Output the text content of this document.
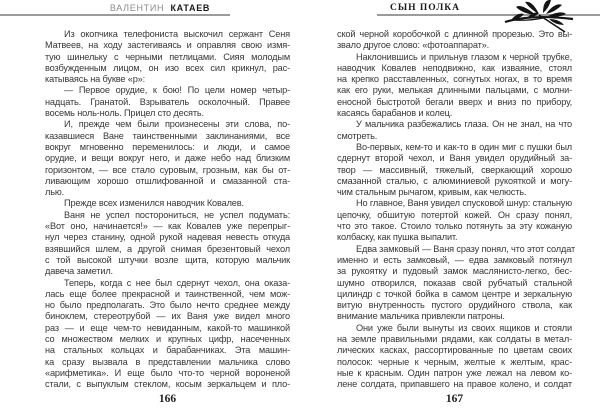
ВАЛЕНТИН КАТАЕВ	СЫН ПОЛКА
Из окопчика телефониста выскочил сержант Сеня
Матвеев, на ходу застегиваясь и оправляя свою измя-
тую шинельку с черными петлицами. Сияя молодым
возбужденным лицом, он изо всех сил крикнул, рас-
катываясь на букве «р»:
— Первое орудие, к бою! По цели номер четыр-
надцать. Гранатой. Взрыватель осколочный. Правее
восемь ноль-ноль. Прицел сто десять.
И, прежде чем были произнесены эти слова, по-
казавшиеся Ване таинственными заклинаниями, все
вокруг мгновенно переменилось: и люди, и самое
орудие, и вещи вокруг него, и даже небо над близким
горизонтом, — все стало суровым, грозным, как бы от-
ливающим хорошо отшлифованной и смазанной ста-
лью.
Прежде всех изменился наводчик Ковалев.
Ваня не успел посторониться, не успел подумать:
«Вот оно, начинается!» — как Ковалев уже перепрыг-
нул через станину, одной рукой надевая невесть откуда
взявшийся шлем, а другой снимая брезентовый чехол
с той высокой штучки возле щита, которую мальчик
давеча заметил.
Теперь, когда с нее был сдернут чехол, она оказа-
лась еще более прекрасной и таинственной, чем мож-
но было предполагать. Это было нечто среднее между
биноклем, стереотрубой — их Ваня уже видел много
раз — и еще чем-то невиданным, какой-то машинкой
со множеством мелких и крупных цифр, насеченных
на стальных кольцах и барабанчиках. Эта машин-
ка сразу вызвала в представлении мальчика слово
«арифметика». И еще было что-то черной вороненой
стали, с выпуклым стеклом, косым зеркальцем и пло-
ской черной коробочкой с длинной прорезью. Это вы-
звало другое слово: «фотоаппарат».
Наклонившись и прильнув глазом к черной трубке,
наводчик Ковалев неподвижно, как изваяние, стоял
на крепко расставленных, согнутых ногах, в то время
как его руки, мелькая длинными пальцами, с молни-
еносной быстротой бегали вверх и вниз по прибору,
касаясь барабанов и колец.
У мальчика разбежались глаза. Он не знал, на что
смотреть.
Во-первых, кем-то и как-то в один миг с пушки был
сдернут второй чехол, и Ваня увидел орудийный за-
твор — массивный, тяжелый, сверкающий хорошо
смазанной сталью, с алюминиевой рукояткой и могу-
чим стальным рычагом, кривым, как челюсть.
Но главное, Ваня увидел спусковой шнур: стальную
цепочку, обшитую потертой кожей. Он сразу понял,
что это такое. Стоило только потянуть за эту кожаную
колбаску, как пушка выпалит.
Едва замковый — Ваня сразу понял, что этот солдат
именно и есть замковый, — едва замковый потянул
за рукоятку и пудовый замок маслянисто-легко, бес-
шумно отворился, показав свой рубчатый стальной
цилиндр с точкой бойка в самом центре и зеркальную
витую внутренность пустого орудийного ствола, как
внимание мальчика привлекли патроны.
Они уже были вынуты из своих ящиков и стояли
на земле правильными рядами, как солдаты в метал-
лических касках, рассортированные по цветам своих
полосок: черные к черным, желтые к желтым, крас-
ные к красным. Один патрон уже лежал на левом ко-
лене солдата, припавшего на правое колено, и солдат
166	167
